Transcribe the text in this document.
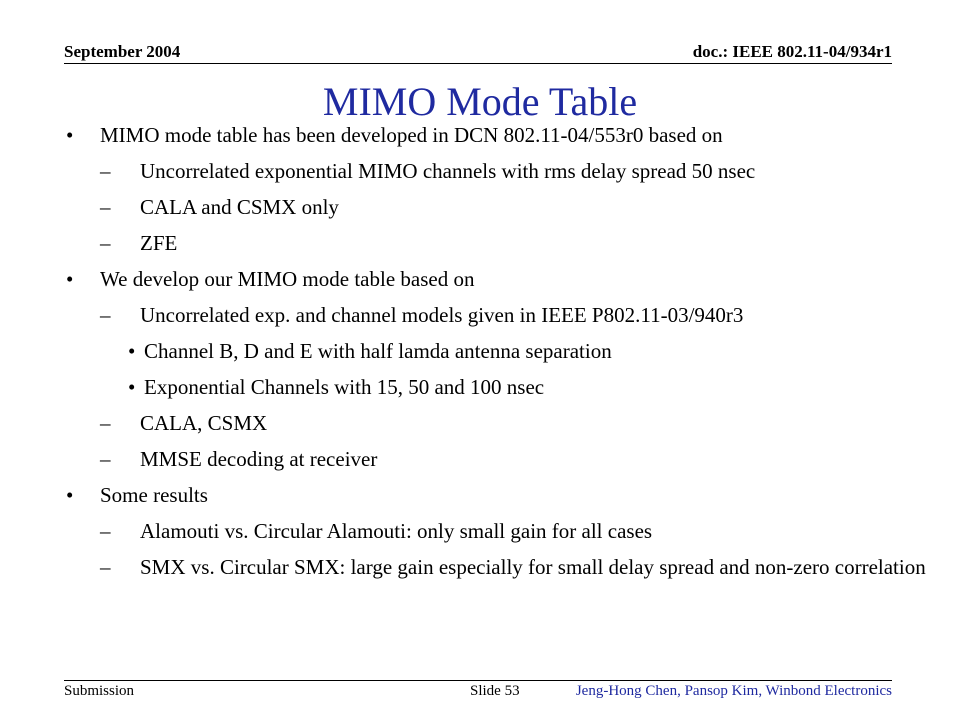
September 2004	doc.: IEEE 802.11-04/934r1
MIMO Mode Table
• MIMO mode table has been developed in DCN 802.11-04/553r0 based on
– Uncorrelated exponential MIMO channels with rms delay spread 50 nsec
– CALA and CSMX only
– ZFE
• We develop our MIMO mode table based on
– Uncorrelated exp. and channel models given in IEEE P802.11-03/940r3
• Channel B, D and E with half lamda antenna separation
• Exponential Channels with 15, 50 and 100 nsec
– CALA, CSMX
– MMSE decoding at receiver
• Some results
– Alamouti vs. Circular Alamouti: only small gain for all cases
– SMX vs. Circular SMX: large gain especially for small delay spread and non-zero correlation
Submission	Slide 53	Jeng-Hong Chen, Pansop Kim, Winbond Electronics
